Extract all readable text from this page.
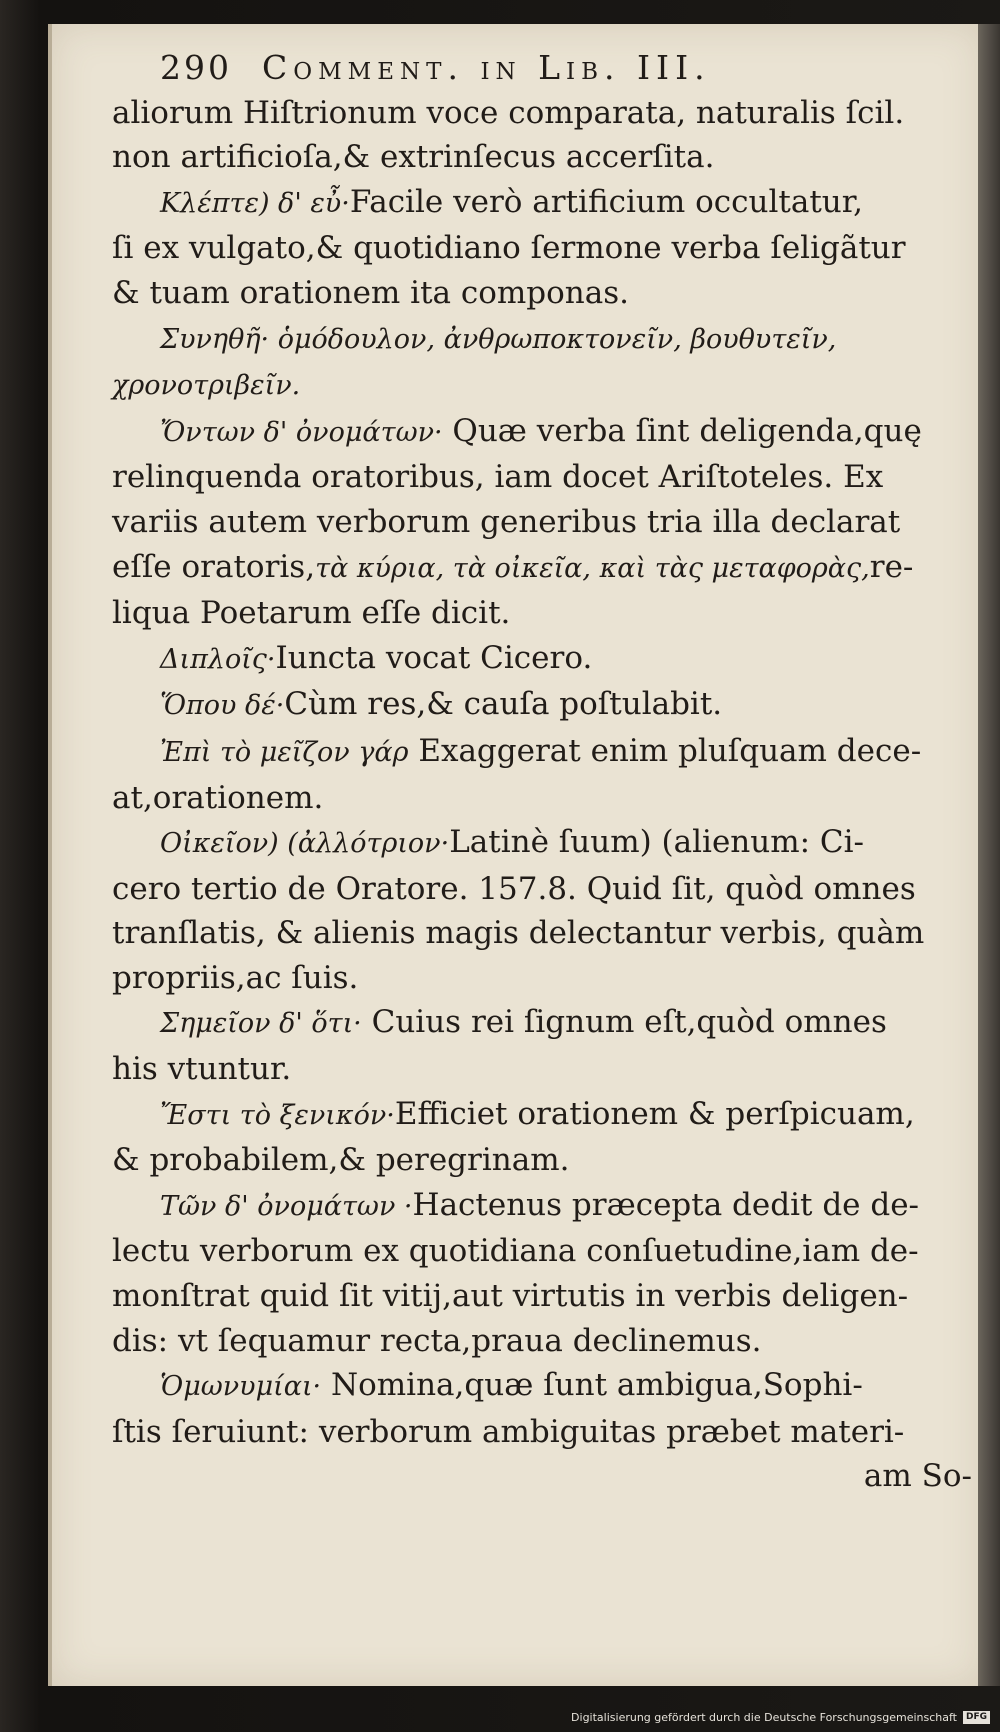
290 Comment. in Lib. III.
aliorum Hiſtrionum voce comparata, naturalis ſcil.
non artificioſa,& extrinſecus accerſita.
Κλέπτε) δ' εὖ·Facile verò artificium occultatur,
ſi ex vulgato,& quotidiano ſermone verba ſeligãtur
& tuam orationem ita componas.
Συνηθῆ· ὁμόδουλον, ἀνθρωποκτονεῖν, βουθυτεῖν,
χρονοτριβεῖν.
Ὄντων δ' ὀνομάτων· Quæ verba ſint deligenda,quę
relinquenda oratoribus, iam docet Ariſtoteles. Ex
variis autem verborum generibus tria illa declarat
eſſe oratoris,τὰ κύρια, τὰ οἰκεῖα, καὶ τὰς μεταφορὰς,re-
liqua Poetarum eſſe dicit.
Διπλοῖς·Iuncta vocat Cicero.
Ὅπου δέ·Cùm res,& cauſa poſtulabit.
Ἐπὶ τὸ μεῖζον γάρ Exaggerat enim pluſquam dece-
at,orationem.
Οἰκεῖον) (ἀλλότριον·Latinè ſuum) (alienum: Ci-
cero tertio de Oratore. 157.8. Quid ſit, quòd omnes
tranſlatis, & alienis magis delectantur verbis, quàm
propriis,ac ſuis.
Σημεῖον δ' ὅτι· Cuius rei ſignum eſt,quòd omnes
his vtuntur.
Ἔστι τὸ ξενικόν·Efficiet orationem & perſpicuam,
& probabilem,& peregrinam.
Τῶν δ' ὀνομάτων ·Hactenus præcepta dedit de de-
lectu verborum ex quotidiana conſuetudine,iam de-
monſtrat quid ſit vitij,aut virtutis in verbis deligen-
dis: vt ſequamur recta,praua declinemus.
Ὁμωνυμίαι· Nomina,quæ ſunt ambigua,Sophi-
ſtis ſeruiunt: verborum ambiguitas præbet materi-
am So-
Digitalisierung gefördert durch die Deutsche Forschungsgemeinschaft	DFG
